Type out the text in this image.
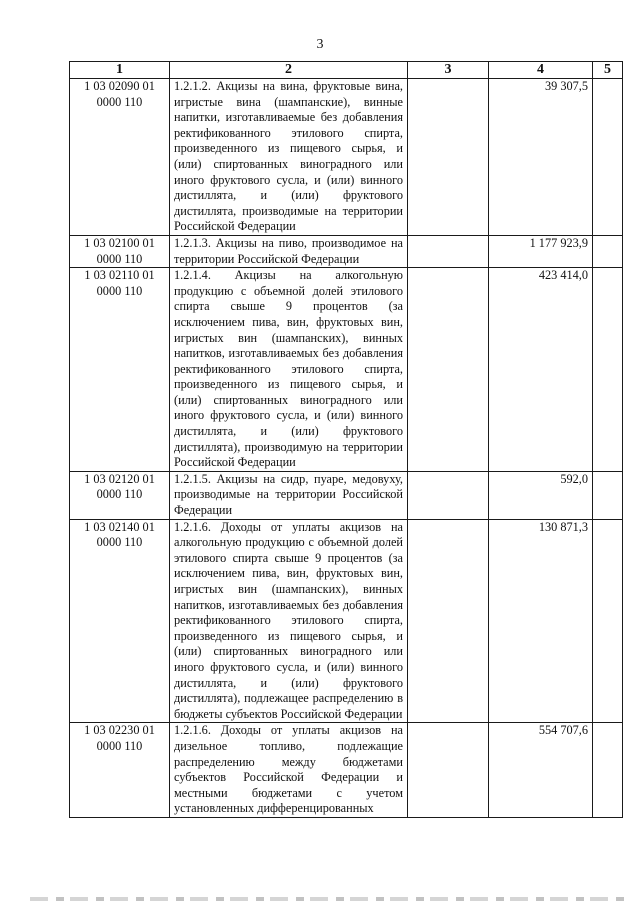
3
1	2	3	4	5

1 03 02090 01
0000 110	1.2.1.2. Акцизы на вина, фруктовые вина, игристые вина (шампанские), винные напитки, изготавливаемые без добавления ректификованного этилового спирта, произведенного из пищевого сырья, и (или) спиртованных виноградного или иного фруктового сусла, и (или) винного дистиллята, и (или) фруктового дистиллята, производимые на территории Российской Федерации		39 307,5	

1 03 02100 01
0000 110	1.2.1.3. Акцизы на пиво, производимое на территории Российской Федерации		1 177 923,9	

1 03 02110 01
0000 110	1.2.1.4. Акцизы на алкогольную продукцию с объемной долей этилового спирта свыше 9 процентов (за исключением пива, вин, фруктовых вин, игристых вин (шампанских), винных напитков, изготавливаемых без добавления ректификованного этилового спирта, произведенного из пищевого сырья, и (или) спиртованных виноградного или иного фруктового сусла, и (или) винного дистиллята, и (или) фруктового дистиллята), производимую на территории Российской Федерации		423 414,0	

1 03 02120 01
0000 110	1.2.1.5. Акцизы на сидр, пуаре, медовуху, производимые на территории Российской Федерации		592,0	

1 03 02140 01
0000 110	1.2.1.6. Доходы от уплаты акцизов на алкогольную продукцию с объемной долей этилового спирта свыше 9 процентов (за исключением пива, вин, фруктовых вин, игристых вин (шампанских), винных напитков, изготавливаемых без добавления ректификованного этилового спирта, произведенного из пищевого сырья, и (или) спиртованных виноградного или иного фруктового сусла, и (или) винного дистиллята, и (или) фруктового дистиллята), подлежащее распределению в бюджеты субъектов Российской Федерации		130 871,3	

1 03 02230 01
0000 110	1.2.1.6. Доходы от уплаты акцизов на дизельное топливо, подлежащие распределению между бюджетами субъектов Российской Федерации и местными бюджетами с учетом установленных дифференцированных		554 707,6	
